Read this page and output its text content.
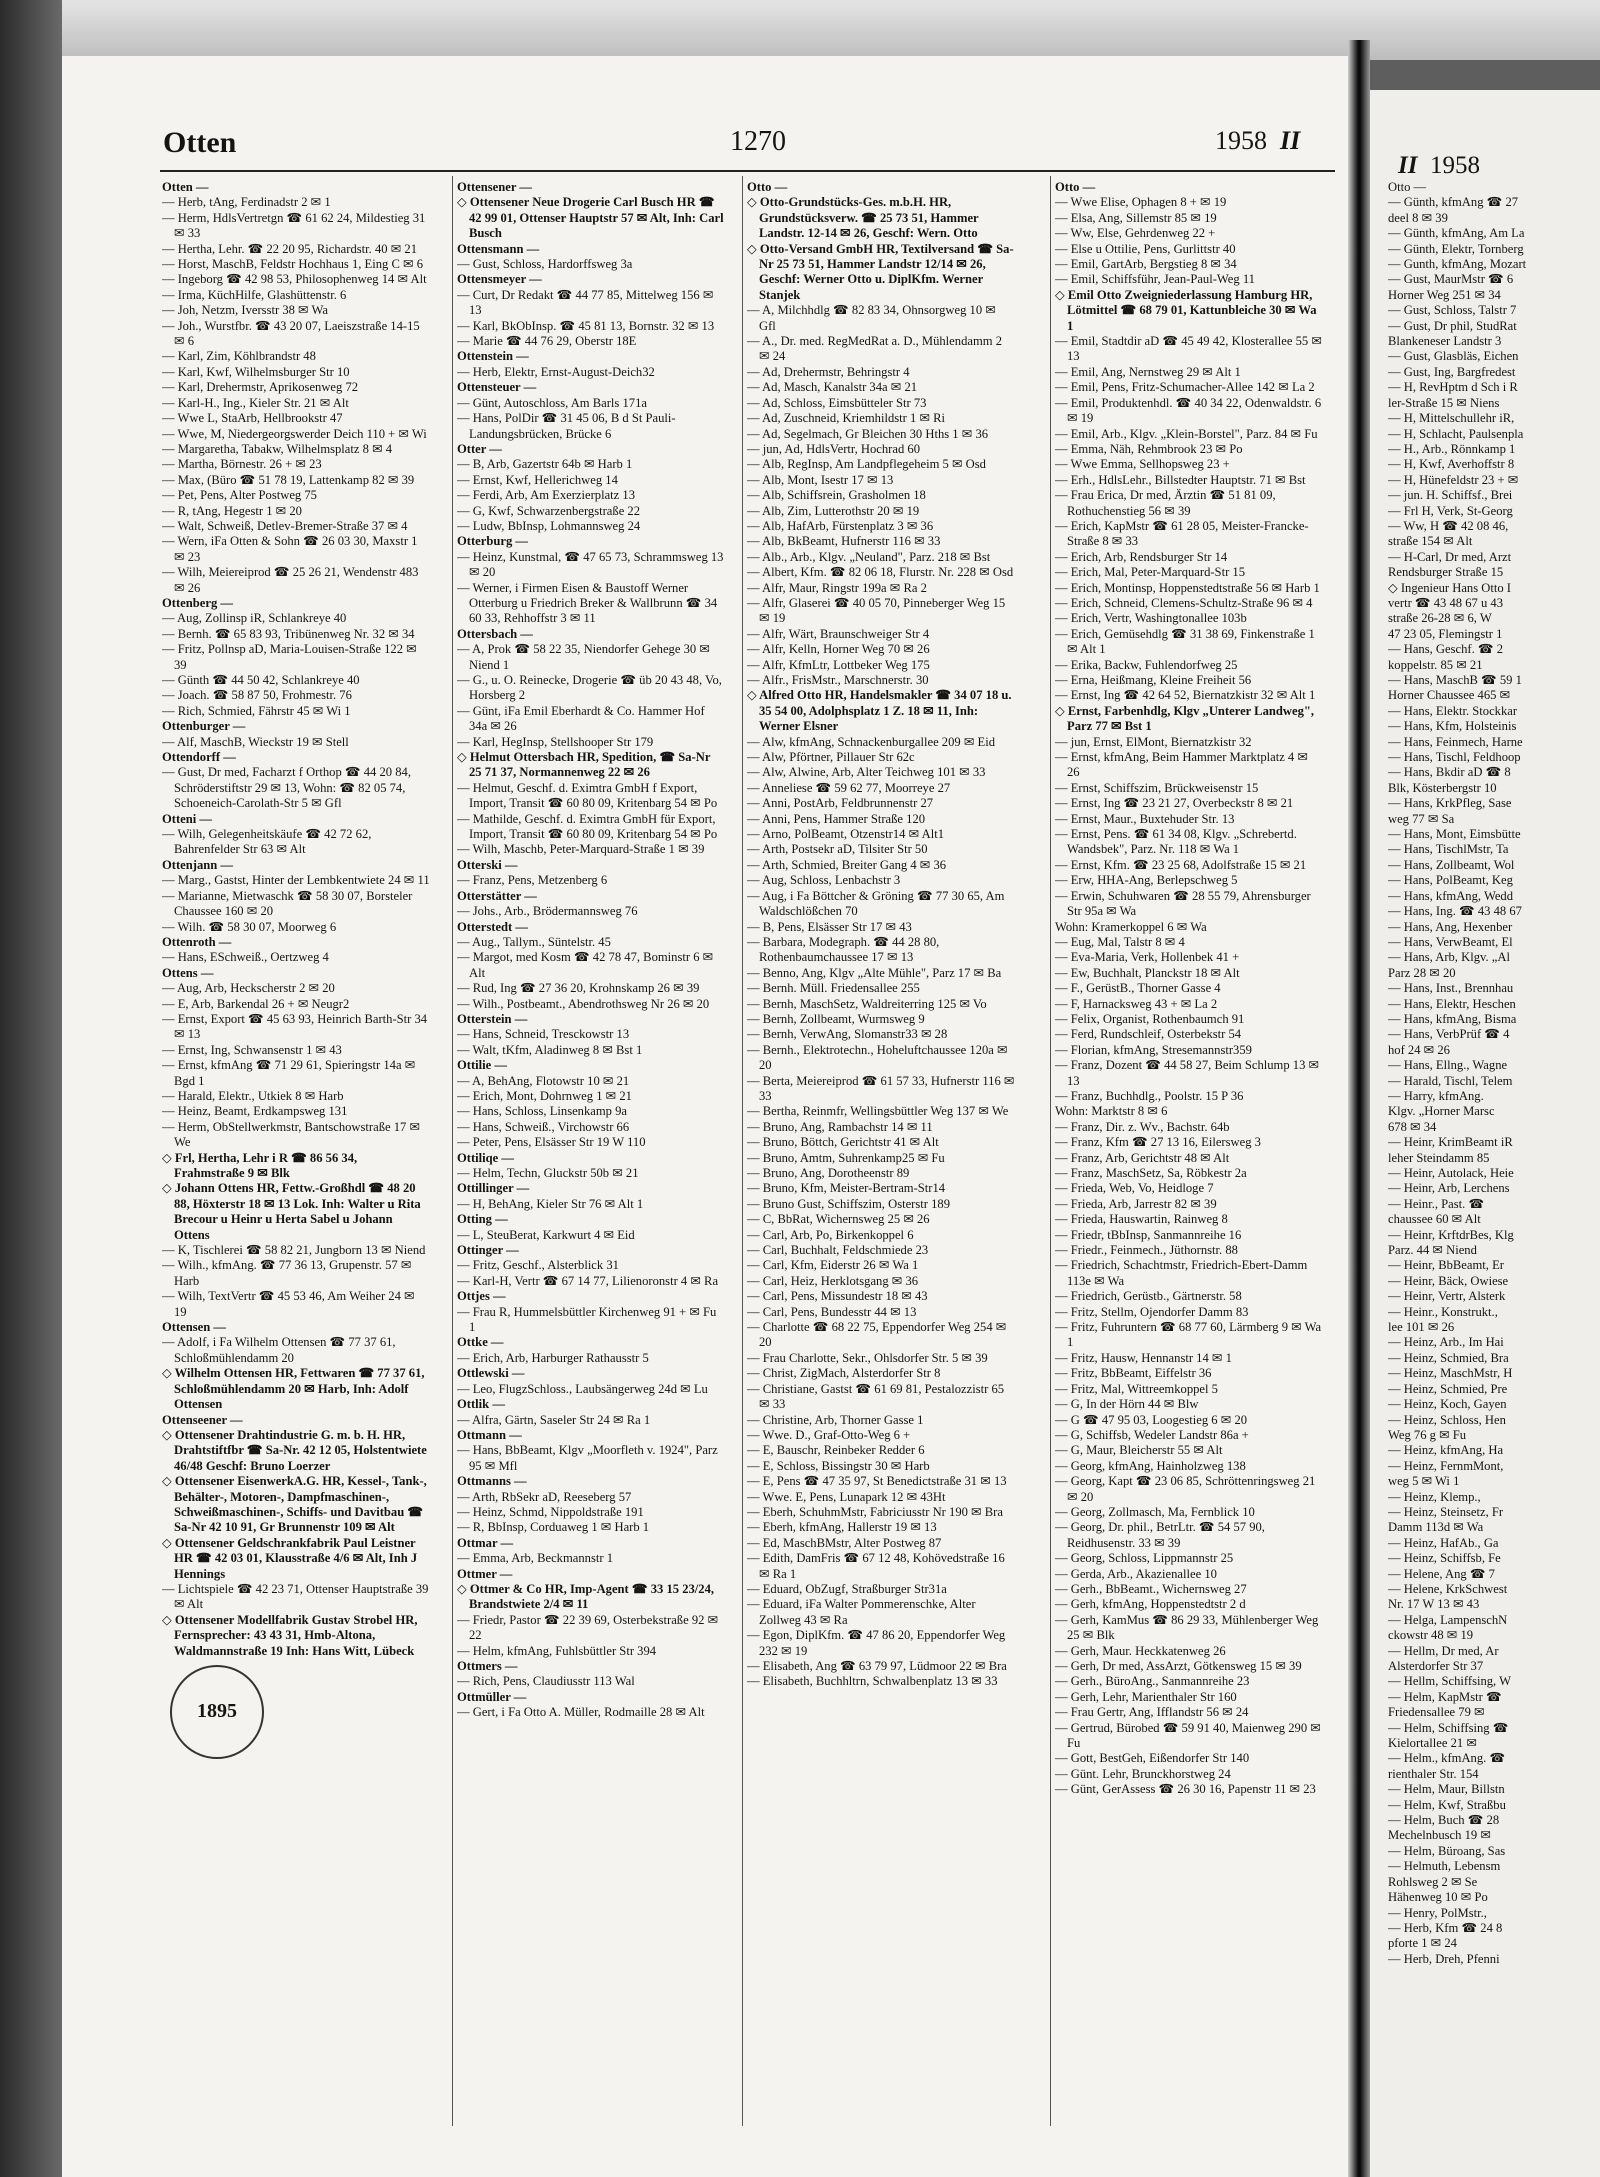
Otten	1270	1958 II

Otten —

— Herb, tAng, Ferdinadstr 2 ✉ 1

— Herm, HdlsVertretgn ☎ 61 62 24, Mildestieg 31 ✉ 33

— Hertha, Lehr. ☎ 22 20 95, Richardstr. 40 ✉ 21

— Horst, MaschB, Feldstr Hochhaus 1, Eing C ✉ 6

— Ingeborg ☎ 42 98 53, Philosophenweg 14 ✉ Alt

— Irma, KüchHilfe, Glashüttenstr. 6

— Joh, Netzm, Iversstr 38 ✉ Wa

— Joh., Wurstfbr. ☎ 43 20 07, Laeiszstraße 14-15 ✉ 6

— Karl, Zim, Köhlbrandstr 48

— Karl, Kwf, Wilhelmsburger Str 10

— Karl, Drehermstr, Aprikosenweg 72

— Karl-H., Ing., Kieler Str. 21 ✉ Alt

— Wwe L, StaArb, Hellbrookstr 47

— Wwe, M, Niedergeorgswerder Deich 110 + ✉ Wi

— Margaretha, Tabakw, Wilhelmsplatz 8 ✉ 4

— Martha, Börnestr. 26 + ✉ 23

— Max, (Büro ☎ 51 78 19, Lattenkamp 82 ✉ 39

— Pet, Pens, Alter Postweg 75

— R, tAng, Hegestr 1 ✉ 20

— Walt, Schweiß, Detlev-Bremer-Straße 37 ✉ 4

— Wern, iFa Otten & Sohn ☎ 26 03 30, Maxstr 1 ✉ 23

— Wilh, Meiereiprod ☎ 25 26 21, Wendenstr 483 ✉ 26

Ottenberg —

— Aug, Zollinsp iR, Schlankreye 40

— Bernh. ☎ 65 83 93, Tribünenweg Nr. 32 ✉ 34

— Fritz, Pollnsp aD, Maria-Louisen-Straße 122 ✉ 39

— Günth ☎ 44 50 42, Schlankreye 40

— Joach. ☎ 58 87 50, Frohmestr. 76

— Rich, Schmied, Fährstr 45 ✉ Wi 1

Ottenburger —

— Alf, MaschB, Wieckstr 19 ✉ Stell

Ottendorff —

— Gust, Dr med, Facharzt f Orthop ☎ 44 20 84, Schröderstiftstr 29 ✉ 13, Wohn: ☎ 82 05 74, Schoeneich-Carolath-Str 5 ✉ Gfl

Otteni —

— Wilh, Gelegenheitskäufe ☎ 42 72 62, Bahrenfelder Str 63 ✉ Alt

Ottenjann —

— Marg., Gastst, Hinter der Lembkentwiete 24 ✉ 11

— Marianne, Mietwaschk ☎ 58 30 07, Borsteler Chaussee 160 ✉ 20

— Wilh. ☎ 58 30 07, Moorweg 6

Ottenroth —

— Hans, ESchweiß., Oertzweg 4

Ottens —

— Aug, Arb, Heckscherstr 2 ✉ 20

— E, Arb, Barkendal 26 + ✉ Neugr2

— Ernst, Export ☎ 45 63 93, Heinrich Barth-Str 34 ✉ 13

— Ernst, Ing, Schwansenstr 1 ✉ 43

— Ernst, kfmAng ☎ 71 29 61, Spieringstr 14a ✉ Bgd 1

— Harald, Elektr., Utkiek 8 ✉ Harb

— Heinz, Beamt, Erdkampsweg 131

— Herm, ObStellwerkmstr, Bantschowstraße 17 ✉ We

◇ Frl, Hertha, Lehr i R ☎ 86 56 34, Frahmstraße 9 ✉ Blk

◇ Johann Ottens HR, Fettw.-Großhdl ☎ 48 20 88, Höxterstr 18 ✉ 13 Lok. Inh: Walter u Rita Brecour u Heinr u Herta Sabel u Johann Ottens

— K, Tischlerei ☎ 58 82 21, Jungborn 13 ✉ Niend

— Wilh., kfmAng. ☎ 77 36 13, Grupenstr. 57 ✉ Harb

— Wilh, TextVertr ☎ 45 53 46, Am Weiher 24 ✉ 19

Ottensen —

— Adolf, i Fa Wilhelm Ottensen ☎ 77 37 61, Schloßmühlendamm 20

◇ Wilhelm Ottensen HR, Fettwaren ☎ 77 37 61, Schloßmühlendamm 20 ✉ Harb, Inh: Adolf Ottensen

Ottenseener —

◇ Ottensener Drahtindustrie G. m. b. H. HR, Drahtstiftfbr ☎ Sa-Nr. 42 12 05, Holstentwiete 46/48 Geschf: Bruno Loerzer

◇ Ottensener EisenwerkA.G. HR, Kessel-, Tank-, Behälter-, Motoren-, Dampfmaschinen-, Schweißmaschinen-, Schiffs- und Davitbau ☎ Sa-Nr 42 10 91, Gr Brunnenstr 109 ✉ Alt

◇ Ottensener Geldschrankfabrik Paul Leistner HR ☎ 42 03 01, Klausstraße 4/6 ✉ Alt, Inh J Hennings

— Lichtspiele ☎ 42 23 71, Ottenser Hauptstraße 39 ✉ Alt

◇ Ottensener Modellfabrik Gustav Strobel HR, Fernsprecher: 43 43 31, Hmb-Altona, Waldmannstraße 19 Inh: Hans Witt, Lübeck

1895

Ottensener —

◇ Ottensener Neue Drogerie Carl Busch HR ☎ 42 99 01, Ottenser Hauptstr 57 ✉ Alt, Inh: Carl Busch

Ottensmann —

— Gust, Schloss, Hardorffsweg 3a

Ottensmeyer —

— Curt, Dr Redakt ☎ 44 77 85, Mittelweg 156 ✉ 13

— Karl, BkObInsp. ☎ 45 81 13, Bornstr. 32 ✉ 13

— Marie ☎ 44 76 29, Oberstr 18E

Ottenstein —

— Herb, Elektr, Ernst-August-Deich32

Ottensteuer —

— Günt, Autoschloss, Am Barls 171a

— Hans, PolDir ☎ 31 45 06, B d St Pauli-Landungsbrücken, Brücke 6

Otter —

— B, Arb, Gazertstr 64b ✉ Harb 1

— Ernst, Kwf, Hellerichweg 14

— Ferdi, Arb, Am Exerzierplatz 13

— G, Kwf, Schwarzenbergstraße 22

— Ludw, BbInsp, Lohmannsweg 24

Otterburg —

— Heinz, Kunstmal, ☎ 47 65 73, Schrammsweg 13 ✉ 20

— Werner, i Firmen Eisen & Baustoff Werner Otterburg u Friedrich Breker & Wallbrunn ☎ 34 60 33, Rehhoffstr 3 ✉ 11

Ottersbach —

— A, Prok ☎ 58 22 35, Niendorfer Gehege 30 ✉ Niend 1

— G., u. O. Reinecke, Drogerie ☎ üb 20 43 48, Vo, Horsberg 2

— Günt, iFa Emil Eberhardt & Co. Hammer Hof 34a ✉ 26

— Karl, HegInsp, Stellshooper Str 179

◇ Helmut Ottersbach HR, Spedition, ☎ Sa-Nr 25 71 37, Normannenweg 22 ✉ 26

— Helmut, Geschf. d. Eximtra GmbH f Export, Import, Transit ☎ 60 80 09, Kritenbarg 54 ✉ Po

— Mathilde, Geschf. d. Eximtra GmbH für Export, Import, Transit ☎ 60 80 09, Kritenbarg 54 ✉ Po

— Wilh, Maschb, Peter-Marquard-Straße 1 ✉ 39

Otterski —

— Franz, Pens, Metzenberg 6

Otterstätter —

— Johs., Arb., Brödermannsweg 76

Otterstedt —

— Aug., Tallym., Süntelstr. 45

— Margot, med Kosm ☎ 42 78 47, Bominstr 6 ✉ Alt

— Rud, Ing ☎ 27 36 20, Krohnskamp 26 ✉ 39

— Wilh., Postbeamt., Abendrothsweg Nr 26 ✉ 20

Otterstein —

— Hans, Schneid, Tresckowstr 13

— Walt, tKfm, Aladinweg 8 ✉ Bst 1

Ottilie —

— A, BehAng, Flotowstr 10 ✉ 21

— Erich, Mont, Dohrnweg 1 ✉ 21

— Hans, Schloss, Linsenkamp 9a

— Hans, Schweiß., Virchowstr 66

— Peter, Pens, Elsässer Str 19 W 110

Ottiliqe —

— Helm, Techn, Gluckstr 50b ✉ 21

Ottillinger —

— H, BehAng, Kieler Str 76 ✉ Alt 1

Otting —

— L, SteuBerat, Karkwurt 4 ✉ Eid

Ottinger —

— Fritz, Geschf., Alsterblick 31

— Karl-H, Vertr ☎ 67 14 77, Lilienoronstr 4 ✉ Ra

Ottjes —

— Frau R, Hummelsbüttler Kirchenweg 91 + ✉ Fu 1

Ottke —

— Erich, Arb, Harburger Rathausstr 5

Ottlewski —

— Leo, FlugzSchloss., Laubsängerweg 24d ✉ Lu

Ottlik —

— Alfra, Gärtn, Saseler Str 24 ✉ Ra 1

Ottmann —

— Hans, BbBeamt, Klgv „Moorfleth v. 1924", Parz 95 ✉ Mfl

Ottmanns —

— Arth, RbSekr aD, Reeseberg 57

— Heinz, Schmd, Nippoldstraße 191

— R, BbInsp, Corduaweg 1 ✉ Harb 1

Ottmar —

— Emma, Arb, Beckmannstr 1

Ottmer —

◇ Ottmer & Co HR, Imp-Agent ☎ 33 15 23/24, Brandstwiete 2/4 ✉ 11

— Friedr, Pastor ☎ 22 39 69, Osterbekstraße 92 ✉ 22

— Helm, kfmAng, Fuhlsbüttler Str 394

Ottmers —

— Rich, Pens, Claudiusstr 113 Wal

Ottmüller —

— Gert, i Fa Otto A. Müller, Rodmaille 28 ✉ Alt

Otto —

◇ Otto-Grundstücks-Ges. m.b.H. HR, Grundstücksverw. ☎ 25 73 51, Hammer Landstr. 12-14 ✉ 26, Geschf: Wern. Otto

◇ Otto-Versand GmbH HR, Textilversand ☎ Sa-Nr 25 73 51, Hammer Landstr 12/14 ✉ 26, Geschf: Werner Otto u. DiplKfm. Werner Stanjek

— A, Milchhdlg ☎ 82 83 34, Ohnsorgweg 10 ✉ Gfl

— A., Dr. med. RegMedRat a. D., Mühlendamm 2 ✉ 24

— Ad, Drehermstr, Behringstr 4

— Ad, Masch, Kanalstr 34a ✉ 21

— Ad, Schloss, Eimsbütteler Str 73

— Ad, Zuschneid, Kriemhildstr 1 ✉ Ri

— Ad, Segelmach, Gr Bleichen 30 Hths 1 ✉ 36

— jun, Ad, HdlsVertr, Hochrad 60

— Alb, RegInsp, Am Landpflegeheim 5 ✉ Osd

— Alb, Mont, Isestr 17 ✉ 13

— Alb, Schiffsrein, Grasholmen 18

— Alb, Zim, Lutterothstr 20 ✉ 19

— Alb, HafArb, Fürstenplatz 3 ✉ 36

— Alb, BkBeamt, Hufnerstr 116 ✉ 33

— Alb., Arb., Klgv. „Neuland", Parz. 218 ✉ Bst

— Albert, Kfm. ☎ 82 06 18, Flurstr. Nr. 228 ✉ Osd

— Alfr, Maur, Ringstr 199a ✉ Ra 2

— Alfr, Glaserei ☎ 40 05 70, Pinneberger Weg 15 ✉ 19

— Alfr, Wärt, Braunschweiger Str 4

— Alfr, Kelln, Horner Weg 70 ✉ 26

— Alfr, KfmLtr, Lottbeker Weg 175

— Alfr., FrisMstr., Marschnerstr. 30

◇ Alfred Otto HR, Handelsmakler ☎ 34 07 18 u. 35 54 00, Adolphsplatz 1 Z. 18 ✉ 11, Inh: Werner Elsner

— Alw, kfmAng, Schnackenburgallee 209 ✉ Eid

— Alw, Pförtner, Pillauer Str 62c

— Alw, Alwine, Arb, Alter Teichweg 101 ✉ 33

— Anneliese ☎ 59 62 77, Moorreye 27

— Anni, PostArb, Feldbrunnenstr 27

— Anni, Pens, Hammer Straße 120

— Arno, PolBeamt, Otzenstr14 ✉ Alt1

— Arth, Postsekr aD, Tilsiter Str 50

— Arth, Schmied, Breiter Gang 4 ✉ 36

— Aug, Schloss, Lenbachstr 3

— Aug, i Fa Böttcher & Gröning ☎ 77 30 65, Am Waldschlößchen 70

— B, Pens, Elsässer Str 17 ✉ 43

— Barbara, Modegraph. ☎ 44 28 80, Rothenbaumchaussee 17 ✉ 13

— Benno, Ang, Klgv „Alte Mühle", Parz 17 ✉ Ba

— Bernh. Müll. Friedensallee 255

— Bernh, MaschSetz, Waldreiterring 125 ✉ Vo

— Bernh, Zollbeamt, Wurmsweg 9

— Bernh, VerwAng, Slomanstr33 ✉ 28

— Bernh., Elektrotechn., Hoheluftchaussee 120a ✉ 20

— Berta, Meiereiprod ☎ 61 57 33, Hufnerstr 116 ✉ 33

— Bertha, Reinmfr, Wellingsbüttler Weg 137 ✉ We

— Bruno, Ang, Rambachstr 14 ✉ 11

— Bruno, Böttch, Gerichtstr 41 ✉ Alt

— Bruno, Amtm, Suhrenkamp25 ✉ Fu

— Bruno, Ang, Dorotheenstr 89

— Bruno, Kfm, Meister-Bertram-Str14

— Bruno Gust, Schiffszim, Osterstr 189

— C, BbRat, Wichernsweg 25 ✉ 26

— Carl, Arb, Po, Birkenkoppel 6

— Carl, Buchhalt, Feldschmiede 23

— Carl, Kfm, Eiderstr 26 ✉ Wa 1

— Carl, Heiz, Herklotsgang ✉ 36

— Carl, Pens, Missundestr 18 ✉ 43

— Carl, Pens, Bundesstr 44 ✉ 13

— Charlotte ☎ 68 22 75, Eppendorfer Weg 254 ✉ 20

— Frau Charlotte, Sekr., Ohlsdorfer Str. 5 ✉ 39

— Christ, ZigMach, Alsterdorfer Str 8

— Christiane, Gastst ☎ 61 69 81, Pestalozzistr 65 ✉ 33

— Christine, Arb, Thorner Gasse 1

— Wwe. D., Graf-Otto-Weg 6 +

— E, Bauschr, Reinbeker Redder 6

— E, Schloss, Bissingstr 30 ✉ Harb

— E, Pens ☎ 47 35 97, St Benedictstraße 31 ✉ 13

— Wwe. E, Pens, Lunapark 12 ✉ 43Ht

— Eberh, SchuhmMstr, Fabriciusstr Nr 190 ✉ Bra

— Eberh, kfmAng, Hallerstr 19 ✉ 13

— Ed, MaschBMstr, Alter Postweg 87

— Edith, DamFris ☎ 67 12 48, Kohövedstraße 16 ✉ Ra 1

— Eduard, ObZugf, Straßburger Str31a

— Eduard, iFa Walter Pommerenschke, Alter Zollweg 43 ✉ Ra

— Egon, DiplKfm. ☎ 47 86 20, Eppendorfer Weg 232 ✉ 19

— Elisabeth, Ang ☎ 63 79 97, Lüdmoor 22 ✉ Bra

— Elisabeth, Buchhltrn, Schwalbenplatz 13 ✉ 33

Otto —

— Wwe Elise, Ophagen 8 + ✉ 19

— Elsa, Ang, Sillemstr 85 ✉ 19

— Ww, Else, Gehrdenweg 22 +

— Else u Ottilie, Pens, Gurlittstr 40

— Emil, GartArb, Bergstieg 8 ✉ 34

— Emil, Schiffsführ, Jean-Paul-Weg 11

◇ Emil Otto Zweigniederlassung Hamburg HR, Lötmittel ☎ 68 79 01, Kattunbleiche 30 ✉ Wa 1

— Emil, Stadtdir aD ☎ 45 49 42, Klosterallee 55 ✉ 13

— Emil, Ang, Nernstweg 29 ✉ Alt 1

— Emil, Pens, Fritz-Schumacher-Allee 142 ✉ La 2

— Emil, Produktenhdl. ☎ 40 34 22, Odenwaldstr. 6 ✉ 19

— Emil, Arb., Klgv. „Klein-Borstel", Parz. 84 ✉ Fu

— Emma, Näh, Rehmbrook 23 ✉ Po

— Wwe Emma, Sellhopsweg 23 +

— Erh., HdlsLehr., Billstedter Hauptstr. 71 ✉ Bst

— Frau Erica, Dr med, Ärztin ☎ 51 81 09, Rothuchenstieg 56 ✉ 39

— Erich, KapMstr ☎ 61 28 05, Meister-Francke-Straße 8 ✉ 33

— Erich, Arb, Rendsburger Str 14

— Erich, Mal, Peter-Marquard-Str 15

— Erich, Montinsp, Hoppenstedtstraße 56 ✉ Harb 1

— Erich, Schneid, Clemens-Schultz-Straße 96 ✉ 4

— Erich, Vertr, Washingtonallee 103b

— Erich, Gemüsehdlg ☎ 31 38 69, Finkenstraße 1 ✉ Alt 1

— Erika, Backw, Fuhlendorfweg 25

— Erna, Heißmang, Kleine Freiheit 56

— Ernst, Ing ☎ 42 64 52, Biernatzkistr 32 ✉ Alt 1

◇ Ernst, Farbenhdlg, Klgv „Unterer Landweg", Parz 77 ✉ Bst 1

— jun, Ernst, ElMont, Biernatzkistr 32

— Ernst, kfmAng, Beim Hammer Marktplatz 4 ✉ 26

— Ernst, Schiffszim, Brückweisenstr 15

— Ernst, Ing ☎ 23 21 27, Overbeckstr 8 ✉ 21

— Ernst, Maur., Buxtehuder Str. 13

— Ernst, Pens. ☎ 61 34 08, Klgv. „Schrebertd. Wandsbek", Parz. Nr. 118 ✉ Wa 1

— Ernst, Kfm. ☎ 23 25 68, Adolfstraße 15 ✉ 21

— Erw, HHA-Ang, Berlepschweg 5

— Erwin, Schuhwaren ☎ 28 55 79, Ahrensburger Str 95a ✉ Wa

Wohn: Kramerkoppel 6 ✉ Wa

— Eug, Mal, Talstr 8 ✉ 4

— Eva-Maria, Verk, Hollenbek 41 +

— Ew, Buchhalt, Planckstr 18 ✉ Alt

— F., GerüstB., Thorner Gasse 4

— F, Harnacksweg 43 + ✉ La 2

— Felix, Organist, Rothenbaumch 91

— Ferd, Rundschleif, Osterbekstr 54

— Florian, kfmAng, Stresemannstr359

— Franz, Dozent ☎ 44 58 27, Beim Schlump 13 ✉ 13

— Franz, Buchhdlg., Poolstr. 15 P 36

Wohn: Marktstr 8 ✉ 6

— Franz, Dir. z. Wv., Bachstr. 64b

— Franz, Kfm ☎ 27 13 16, Eilersweg 3

— Franz, Arb, Gerichtstr 48 ✉ Alt

— Franz, MaschSetz, Sa, Röbkestr 2a

— Frieda, Web, Vo, Heidloge 7

— Frieda, Arb, Jarrestr 82 ✉ 39

— Frieda, Hauswartin, Rainweg 8

— Friedr, tBbInsp, Sanmannreihe 16

— Friedr., Feinmech., Jüthornstr. 88

— Friedrich, Schachtmstr, Friedrich-Ebert-Damm 113e ✉ Wa

— Friedrich, Gerüstb., Gärtnerstr. 58

— Fritz, Stellm, Ojendorfer Damm 83

— Fritz, Fuhruntern ☎ 68 77 60, Lärmberg 9 ✉ Wa 1

— Fritz, Hausw, Hennanstr 14 ✉ 1

— Fritz, BbBeamt, Eiffelstr 36

— Fritz, Mal, Wittreemkoppel 5

— G, In der Hörn 44 ✉ Blw

— G ☎ 47 95 03, Loogestieg 6 ✉ 20

— G, Schiffsb, Wedeler Landstr 86a +

— G, Maur, Bleicherstr 55 ✉ Alt

— Georg, kfmAng, Hainholzweg 138

— Georg, Kapt ☎ 23 06 85, Schröttenringsweg 21 ✉ 20

— Georg, Zollmasch, Ma, Fernblick 10

— Georg, Dr. phil., BetrLtr. ☎ 54 57 90, Reidhusenstr. 33 ✉ 39

— Georg, Schloss, Lippmannstr 25

— Gerda, Arb., Akazienallee 10

— Gerh., BbBeamt., Wichernsweg 27

— Gerh, kfmAng, Hoppenstedtstr 2 d

— Gerh, KamMus ☎ 86 29 33, Mühlenberger Weg 25 ✉ Blk

— Gerh, Maur. Heckkatenweg 26

— Gerh, Dr med, AssArzt, Götkensweg 15 ✉ 39

— Gerh., BüroAng., Sanmannreihe 23

— Gerh, Lehr, Marienthaler Str 160

— Frau Gertr, Ang, Ifflandstr 56 ✉ 24

— Gertrud, Bürobed ☎ 59 91 40, Maienweg 290 ✉ Fu

— Gott, BestGeh, Eißendorfer Str 140

— Günt. Lehr, Brunckhorstweg 24

— Günt, GerAssess ☎ 26 30 16, Papenstr 11 ✉ 23

II 1958
Otto —
— Günth, kfmAng ☎ 27
deel 8 ✉ 39
— Günth, kfmAng, Am La
— Günth, Elektr, Tornberg
— Gunth, kfmAng, Mozart
— Gust, MaurMstr ☎ 6
Horner Weg 251 ✉ 34
— Gust, Schloss, Talstr 7
— Gust, Dr phil, StudRat
Blankeneser Landstr 3
— Gust, Glasbläs, Eichen
— Gust, Ing, Bargfredest
— H, RevHptm d Sch i R
ler-Straße 15 ✉ Niens
— H, Mittelschullehr iR,
— H, Schlacht, Paulsenpla
— H., Arb., Rönnkamp 1
— H, Kwf, Averhoffstr 8
— H, Hünefeldstr 23 + ✉
— jun. H. Schiffsf., Brei
— Frl H, Verk, St-Georg
— Ww, H ☎ 42 08 46,
straße 154 ✉ Alt
— H-Carl, Dr med, Arzt
Rendsburger Straße 15
◇ Ingenieur Hans Otto I
vertr ☎ 43 48 67 u 43
straße 26-28 ✉ 6, W
47 23 05, Flemingstr 1
— Hans, Geschf. ☎ 2
koppelstr. 85 ✉ 21
— Hans, MaschB ☎ 59 1
Horner Chaussee 465 ✉
— Hans, Elektr. Stockkar
— Hans, Kfm, Holsteinis
— Hans, Feinmech, Harne
— Hans, Tischl, Feldhoop
— Hans, Bkdir aD ☎ 8
Blk, Kösterbergstr 10
— Hans, KrkPfleg, Sase
weg 77 ✉ Sa
— Hans, Mont, Eimsbütte
— Hans, TischlMstr, Ta
— Hans, Zollbeamt, Wol
— Hans, PolBeamt, Keg
— Hans, kfmAng, Wedd
— Hans, Ing. ☎ 43 48 67
— Hans, Ang, Hexenber
— Hans, VerwBeamt, El
— Hans, Arb, Klgv. „Al
Parz 28 ✉ 20
— Hans, Inst., Brennhau
— Hans, Elektr, Heschen
— Hans, kfmAng, Bisma
— Hans, VerbPrüf ☎ 4
hof 24 ✉ 26
— Hans, Ellng., Wagne
— Harald, Tischl, Telem
— Harry, kfmAng.
Klgv. „Horner Marsc
678 ✉ 34
— Heinr, KrimBeamt iR
leher Steindamm 85
— Heinr, Autolack, Heie
— Heinr, Arb, Lerchens
— Heinr., Past. ☎
chaussee 60 ✉ Alt
— Heinr, KrftdrBes, Klg
Parz. 44 ✉ Niend
— Heinr, BbBeamt, Er
— Heinr, Bäck, Owiese
— Heinr, Vertr, Alsterk
— Heinr., Konstrukt.,
lee 101 ✉ 26
— Heinz, Arb., Im Hai
— Heinz, Schmied, Bra
— Heinz, MaschMstr, H
— Heinz, Schmied, Pre
— Heinz, Koch, Gayen
— Heinz, Schloss, Hen
Weg 76 g ✉ Fu
— Heinz, kfmAng, Ha
— Heinz, FernmMont,
weg 5 ✉ Wi 1
— Heinz, Klemp.,
— Heinz, Steinsetz, Fr
Damm 113d ✉ Wa
— Heinz, HafAb., Ga
— Heinz, Schiffsb, Fe
— Helene, Ang ☎ 7
— Helene, KrkSchwest
Nr. 17 W 13 ✉ 43
— Helga, LampenschN
ckowstr 48 ✉ 19
— Hellm, Dr med, Ar
Alsterdorfer Str 37
— Hellm, Schiffsing, W
— Helm, KapMstr ☎
Friedensallee 79 ✉
— Helm, Schiffsing ☎
Kielortallee 21 ✉
— Helm., kfmAng. ☎
rienthaler Str. 154
— Helm, Maur, Billstn
— Helm, Kwf, Straßbu
— Helm, Buch ☎ 28
Mechelnbusch 19 ✉
— Helm, Büroang, Sas
— Helmuth, Lebensm
Rohlsweg 2 ✉ Se
Hähenweg 10 ✉ Po
— Henry, PolMstr.,
— Herb, Kfm ☎ 24 8
pforte 1 ✉ 24
— Herb, Dreh, Pfenni
